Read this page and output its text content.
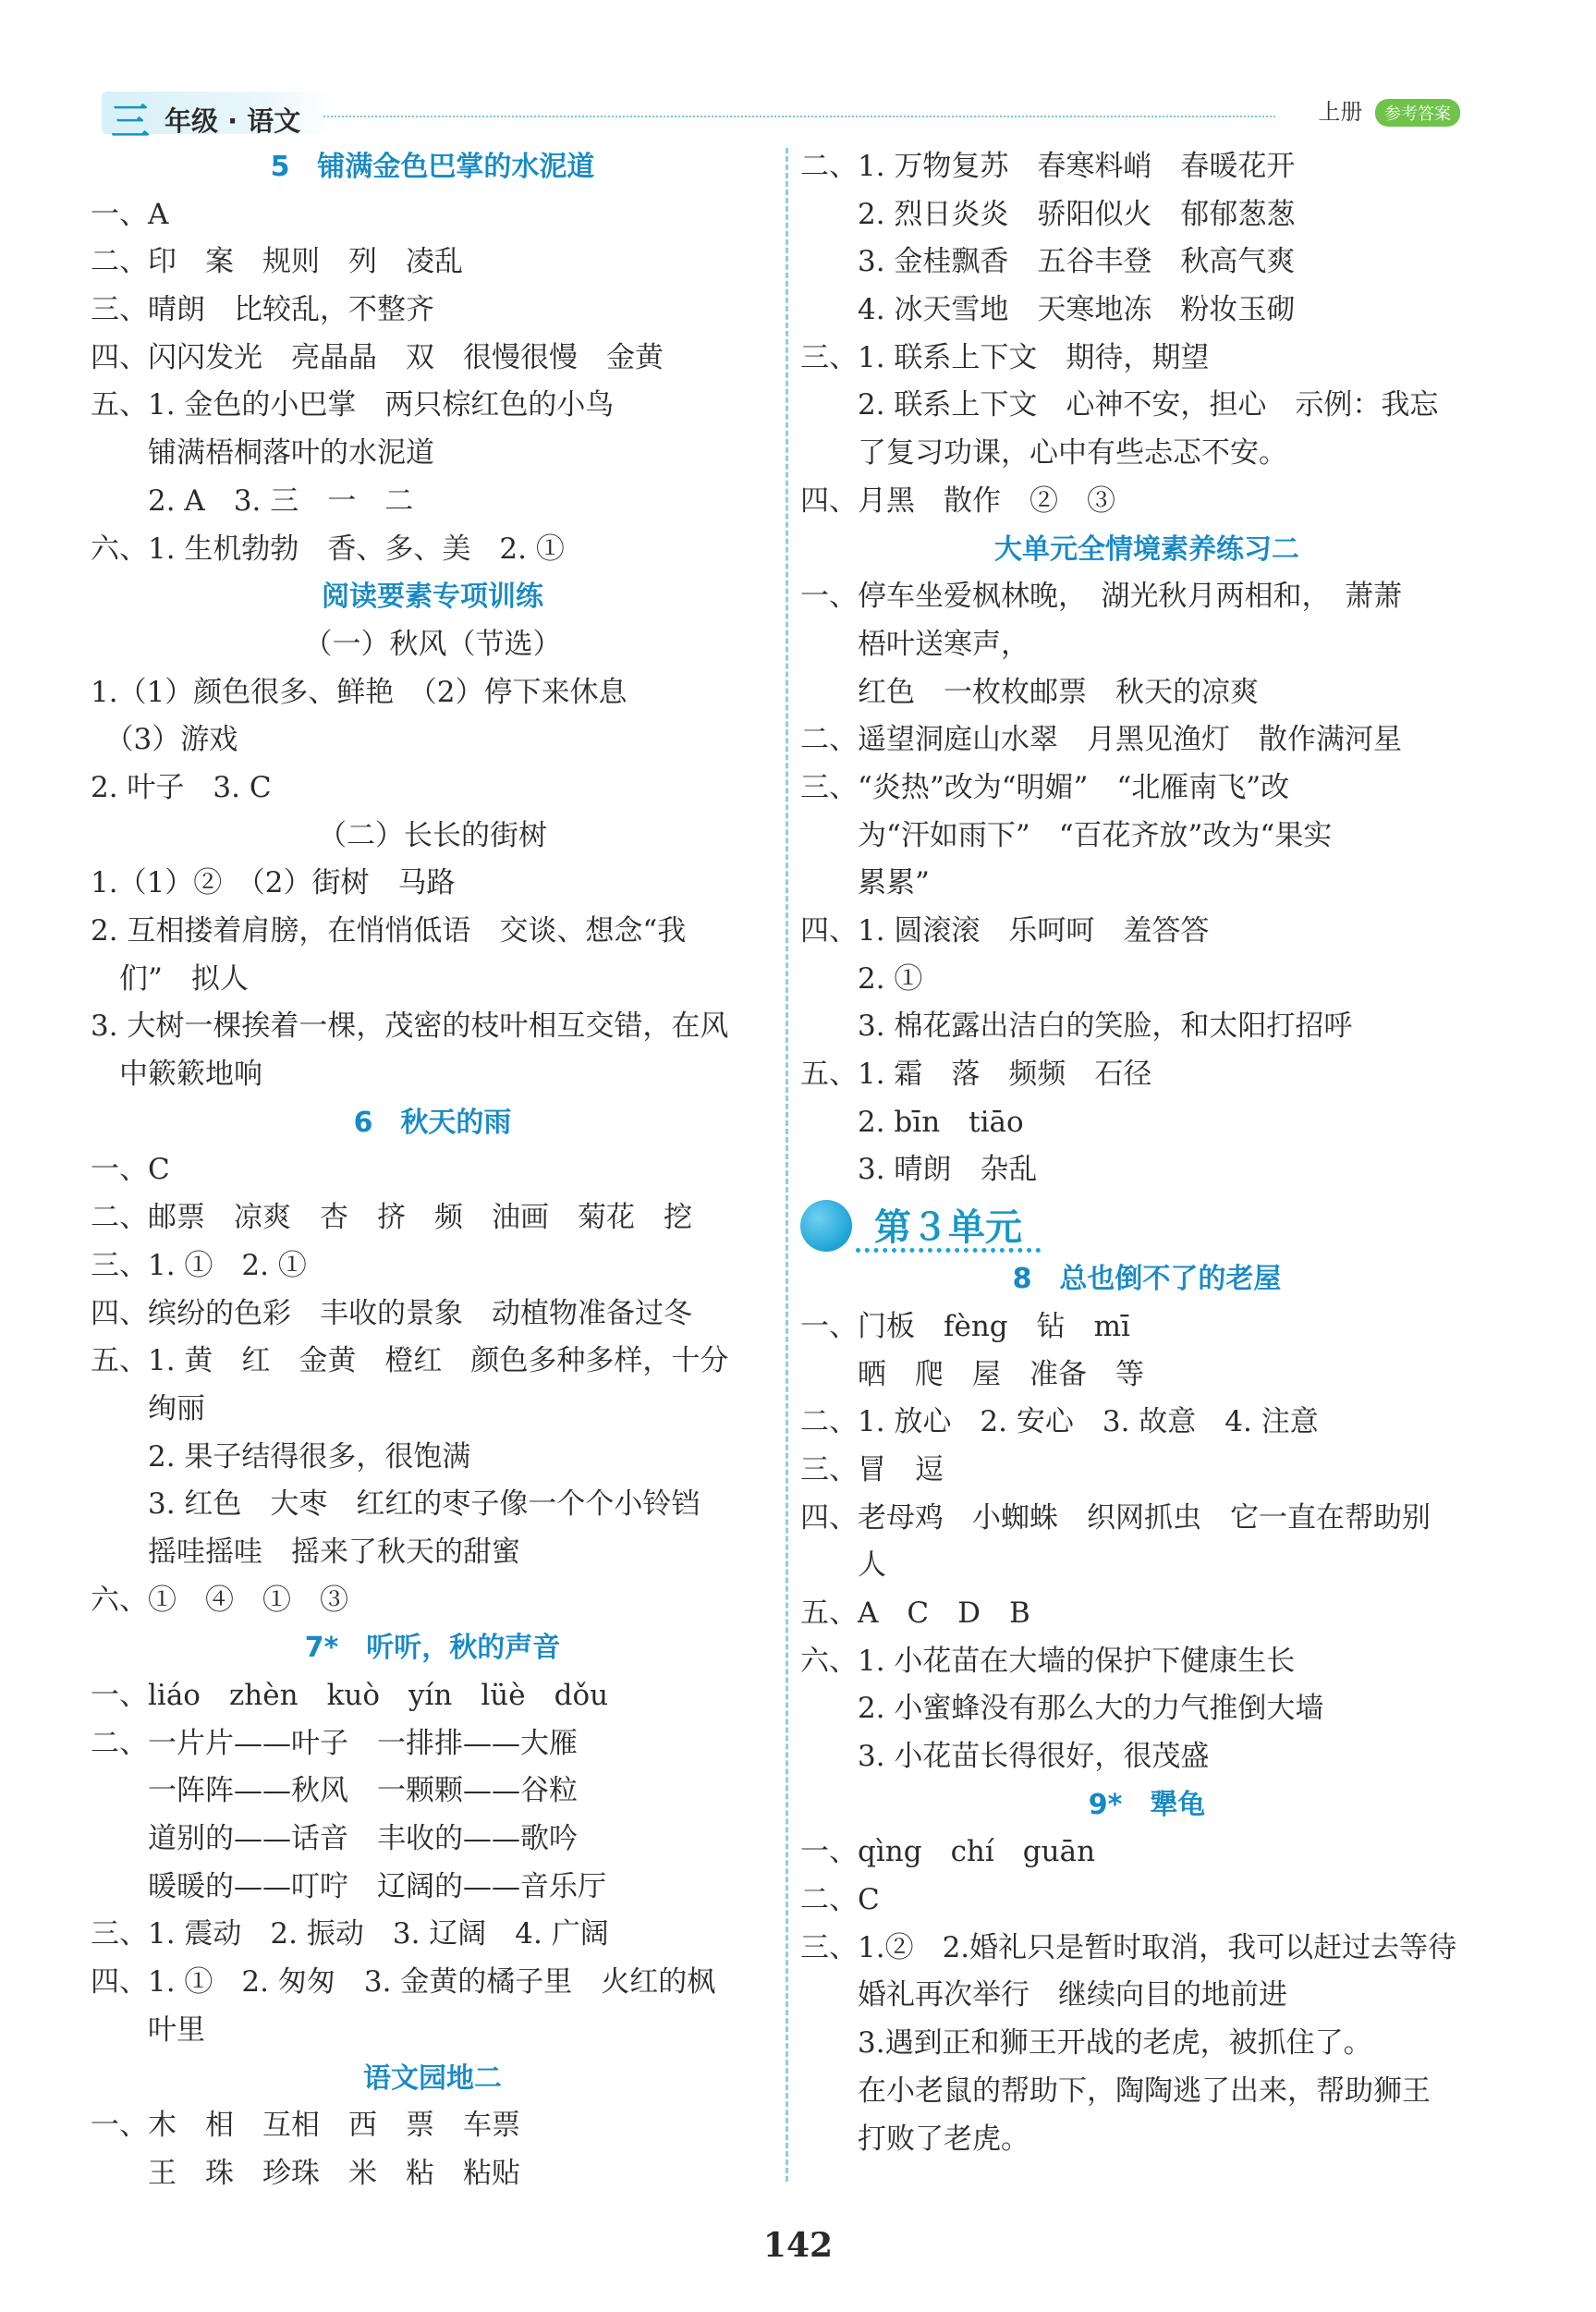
三 年级 · 语文	上册 参考答案
5　铺满金色巴掌的水泥道
一、A
二、印　案　规则　列　凌乱
三、晴朗　比较乱，不整齐
四、闪闪发光　亮晶晶　双　很慢很慢　金黄
五、1. 金色的小巴掌　两只棕红色的小鸟
　　铺满梧桐落叶的水泥道
　　2. A　3. 三　一　二
六、1. 生机勃勃　香、多、美　2. ①
阅读要素专项训练
（一）秋风（节选）
1.（1）颜色很多、鲜艳　（2）停下来休息
　（3）游戏
2. 叶子　3. C
（二）长长的街树
1.（1）②　（2）街树　马路
2. 互相搂着肩膀，在悄悄低语　交谈、想念“我
　们”　拟人
3. 大树一棵挨着一棵，茂密的枝叶相互交错，在风
　中簌簌地响
6　秋天的雨
一、C
二、邮票　凉爽　杏　挤　频　油画　菊花　挖
三、1. ①　2. ①
四、缤纷的色彩　丰收的景象　动植物准备过冬
五、1. 黄　红　金黄　橙红　颜色多种多样，十分
　　绚丽
　　2. 果子结得很多，很饱满
　　3. 红色　大枣　红红的枣子像一个个小铃铛
　　摇哇摇哇　摇来了秋天的甜蜜
六、①　④　①　③
7*　听听，秋的声音
一、liáo　zhèn　kuò　yín　lüè　dǒu
二、一片片——叶子　一排排——大雁
　　一阵阵——秋风　一颗颗——谷粒
　　道别的——话音　丰收的——歌吟
　　暖暖的——叮咛　辽阔的——音乐厅
三、1. 震动　2. 振动　3. 辽阔　4. 广阔
四、1. ①　2. 匆匆　3. 金黄的橘子里　火红的枫
　　叶里
语文园地二
一、木　相　互相　西　票　车票
　　王　珠　珍珠　米　粘　粘贴
二、1. 万物复苏　春寒料峭　春暖花开
　　2. 烈日炎炎　骄阳似火　郁郁葱葱
　　3. 金桂飘香　五谷丰登　秋高气爽
　　4. 冰天雪地　天寒地冻　粉妆玉砌
三、1. 联系上下文　期待，期望
　　2. 联系上下文　心神不安，担心　示例：我忘
　　了复习功课，心中有些忐忑不安。
四、月黑　散作　②　③
大单元全情境素养练习二
一、停车坐爱枫林晚，　湖光秋月两相和，　萧萧
　　梧叶送寒声，
　　红色　一枚枚邮票　秋天的凉爽
二、遥望洞庭山水翠　月黑见渔灯　散作满河星
三、“炎热”改为“明媚”　“北雁南飞”改
　　为“汗如雨下”　“百花齐放”改为“果实
　　累累”
四、1. 圆滚滚　乐呵呵　羞答答
　　2. ①
　　3. 棉花露出洁白的笑脸，和太阳打招呼
五、1. 霜　落　频频　石径
　　2. bīn　tiāo
　　3. 晴朗　杂乱
第３单元
8　总也倒不了的老屋
一、门板　fèng　钻　mī
　　晒　爬　屋　准备　等
二、1. 放心　2. 安心　3. 故意　4. 注意
三、冒　逗
四、老母鸡　小蜘蛛　织网抓虫　它一直在帮助别
　　人
五、A　C　D　B
六、1. 小花苗在大墙的保护下健康生长
　　2. 小蜜蜂没有那么大的力气推倒大墙
　　3. 小花苗长得很好，很茂盛
9*　犟龟
一、qìng　chí　guān
二、C
三、1.②　2.婚礼只是暂时取消，我可以赶过去等待
　　婚礼再次举行　继续向目的地前进
　　3.遇到正和狮王开战的老虎，被抓住了。
　　在小老鼠的帮助下，陶陶逃了出来，帮助狮王
　　打败了老虎。
142
